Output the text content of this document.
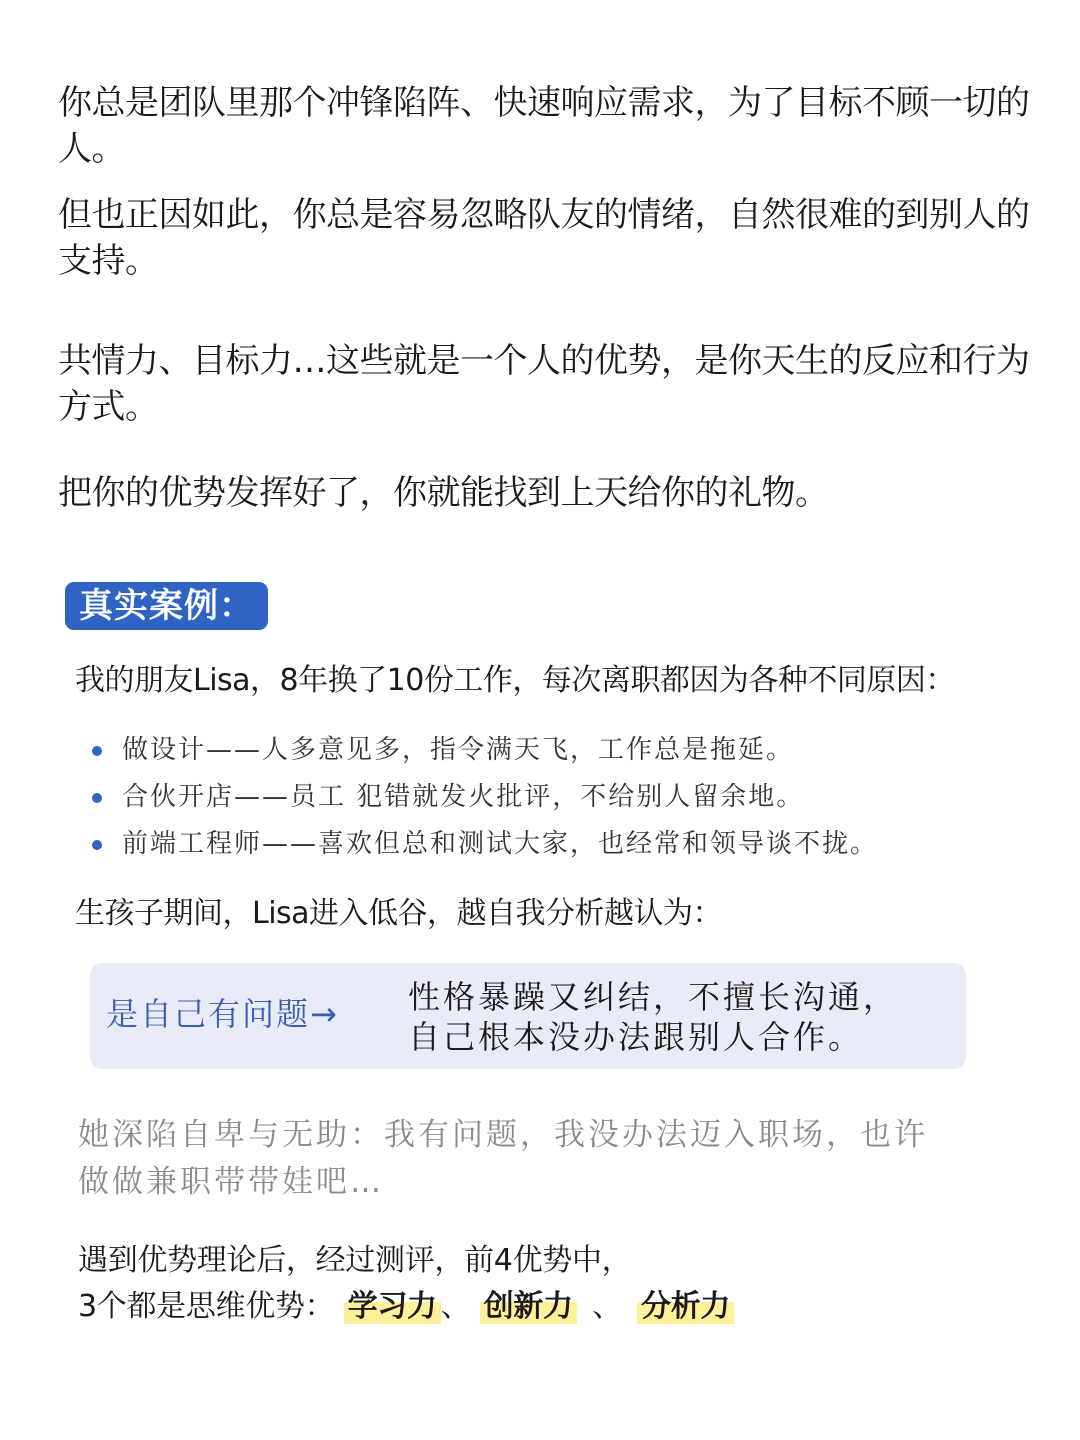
你总是团队里那个冲锋陷阵、快速响应需求，为了目标不顾一切的人。

但也正因如此，你总是容易忽略队友的情绪，自然很难的到别人的支持。

共情力、目标力…这些就是一个人的优势，是你天生的反应和行为方式。

把你的优势发挥好了，你就能找到上天给你的礼物。

真实案例：

我的朋友Lisa，8年换了10份工作，每次离职都因为各种不同原因：

做设计——人多意见多，指令满天飞，工作总是拖延。
合伙开店——员工 犯错就发火批评，不给别人留余地。
前端工程师——喜欢但总和测试大家，也经常和领导谈不拢。

生孩子期间，Lisa进入低谷，越自我分析越认为：

是自己有问题→ 性格暴躁又纠结，不擅长沟通，
自己根本没办法跟别人合作。
她深陷自卑与无助：我有问题，我没办法迈入职场，也许
做做兼职带带娃吧…
遇到优势理论后，经过测评，前4优势中，
3个都是思维优势： 学习力 、 创新力 、 分析力
